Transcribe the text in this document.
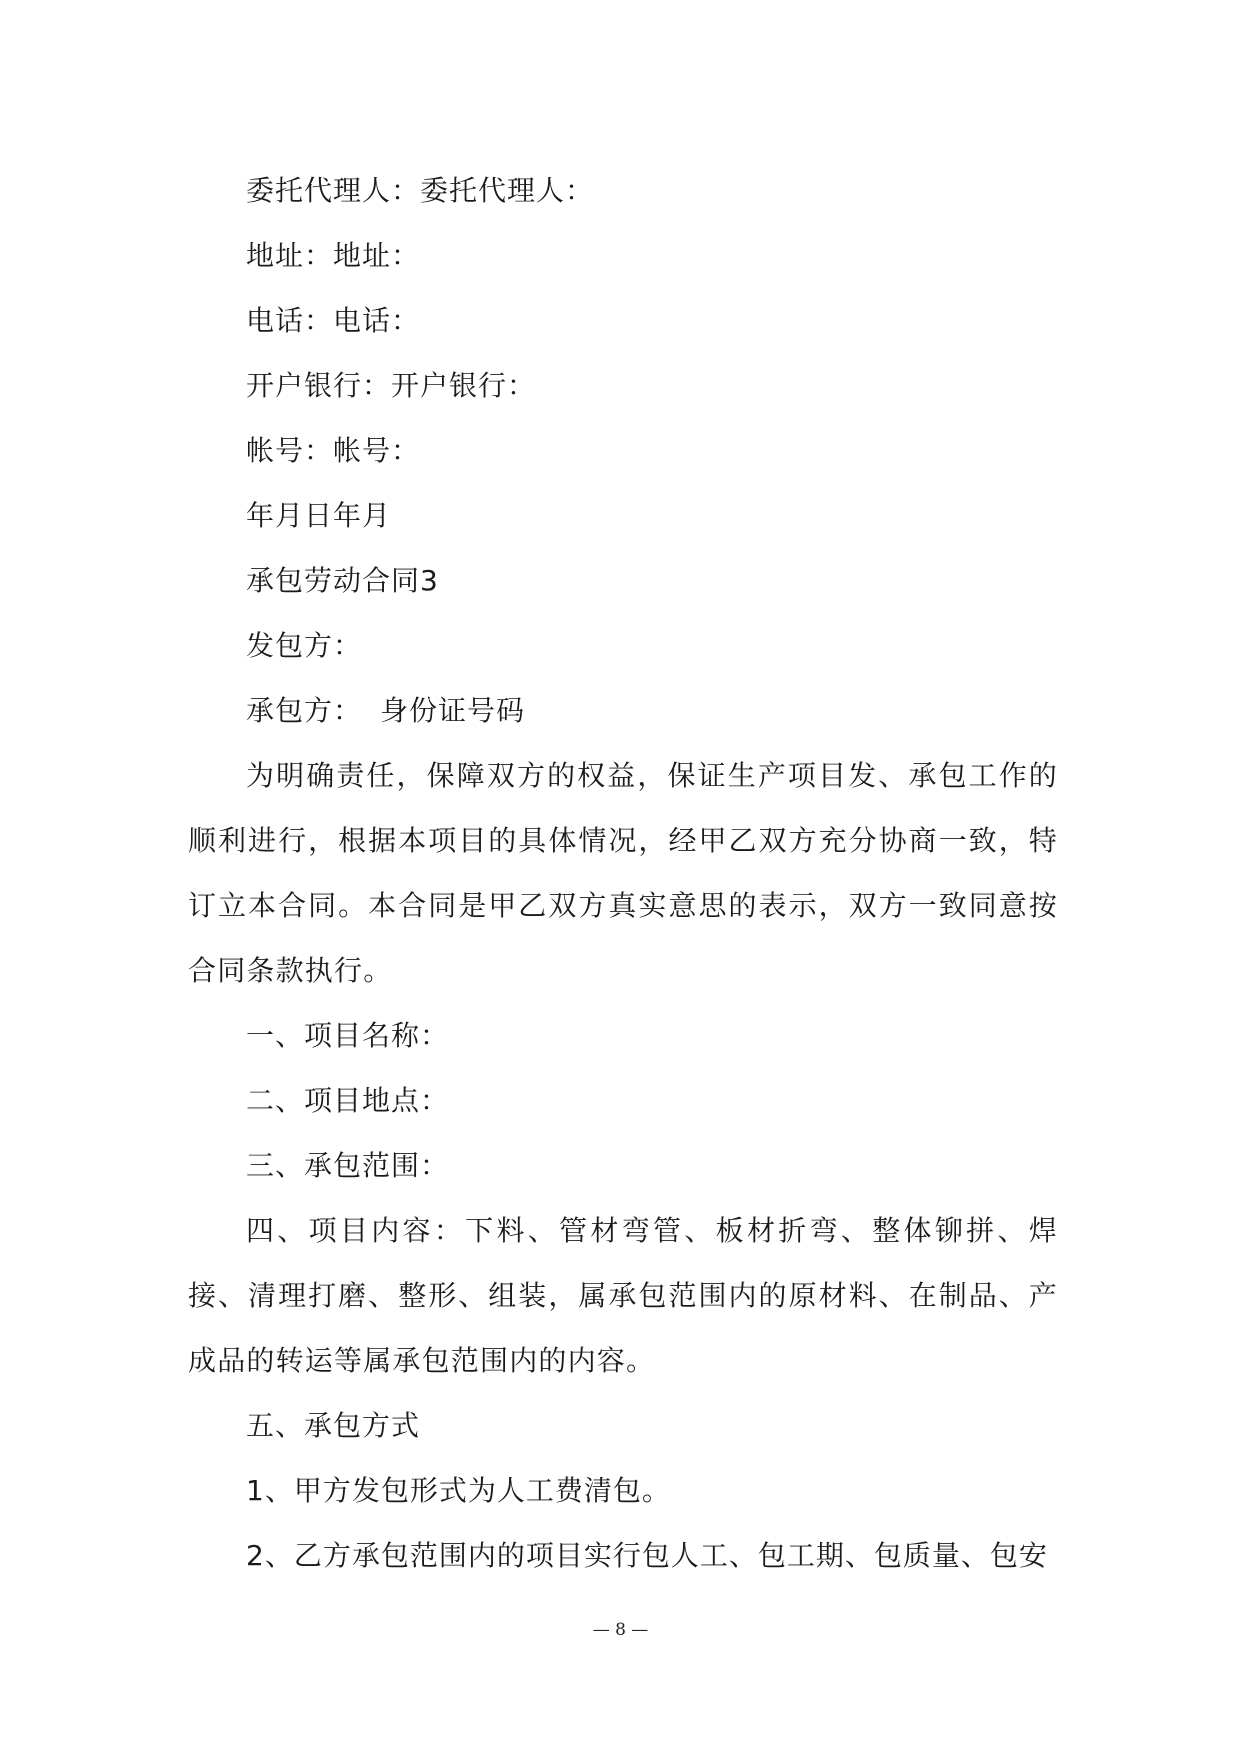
委托代理人：委托代理人：
地址：地址：
电话：电话：
开户银行：开户银行：
帐号：帐号：
年月日年月
承包劳动合同3
发包方：
承包方： 身份证号码

为明确责任，保障双方的权益，保证生产项目发、承包工作的顺利进行，根据本项目的具体情况，经甲乙双方充分协商一致，特订立本合同。本合同是甲乙双方真实意思的表示，双方一致同意按合同条款执行。

一、项目名称：
二、项目地点：
三、承包范围：

四、项目内容：下料、管材弯管、板材折弯、整体铆拼、焊接、清理打磨、整形、组装，属承包范围内的原材料、在制品、产成品的转运等属承包范围内的内容。

五、承包方式
1、甲方发包形式为人工费清包。
2、乙方承包范围内的项目实行包人工、包工期、包质量、包安
— 8 —
